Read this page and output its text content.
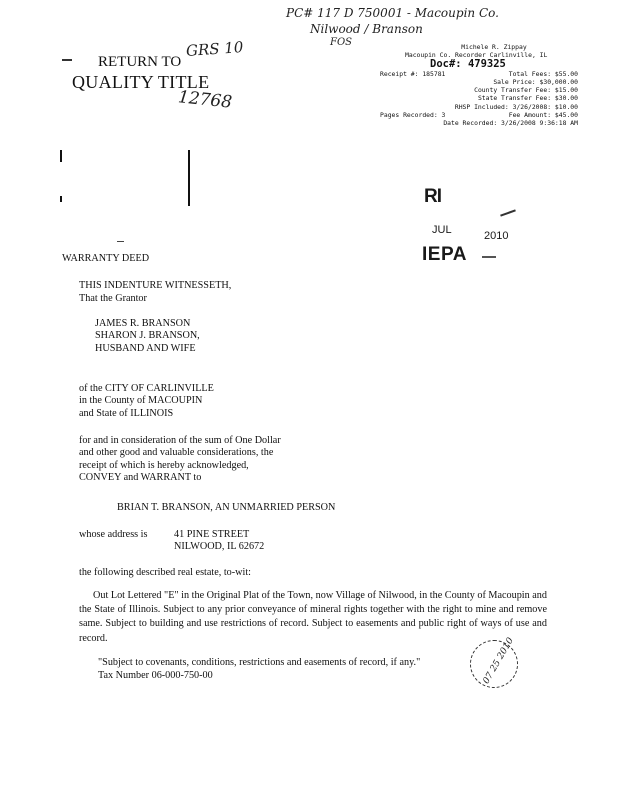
PC# 117 D 750001 - Macoupin Co.
Nilwood / Branson
FOS
RETURN TO
QUALITY TITLE
GRS 10
12768
Michele R. Zippay
Macoupin Co. Recorder Carlinville, IL
Doc#:
479325
Receipt #: 185781	Total Fees: $55.00
Sale Price:
$30,000.00
County Transfer Fee:
$15.00
State Transfer Fee:
$30.00
RHSP Included:
3/26/2008: $10.00
Pages Recorded: 3	Fee Amount: $45.00
Date Recorded:
3/26/2008 9:36:18 AM
RI
JUL	2010
IEPA
WARRANTY DEED
THIS INDENTURE WITNESSETH,
That the Grantor
JAMES R. BRANSON
SHARON J. BRANSON,
HUSBAND AND WIFE
of the CITY OF CARLINVILLE
in the County of MACOUPIN
and State of ILLINOIS
for and in consideration of the sum of One Dollar
and other good and valuable considerations, the
receipt of which is hereby acknowledged,
CONVEY and WARRANT to
BRIAN T. BRANSON, AN UNMARRIED PERSON
whose address is	41 PINE STREET
NILWOOD, IL 62672
the following described real estate, to-wit:
Out Lot Lettered "E" in the Original Plat of the Town, now Village of Nilwood, in the County of Macoupin and the State of Illinois. Subject to any prior conveyance of mineral rights together with the right to mine and remove same. Subject to building and use restrictions of record. Subject to easements and public right of ways of use and record.
"Subject to covenants, conditions, restrictions and easements of record, if any."
Tax Number 06-000-750-00	07 25 2010
